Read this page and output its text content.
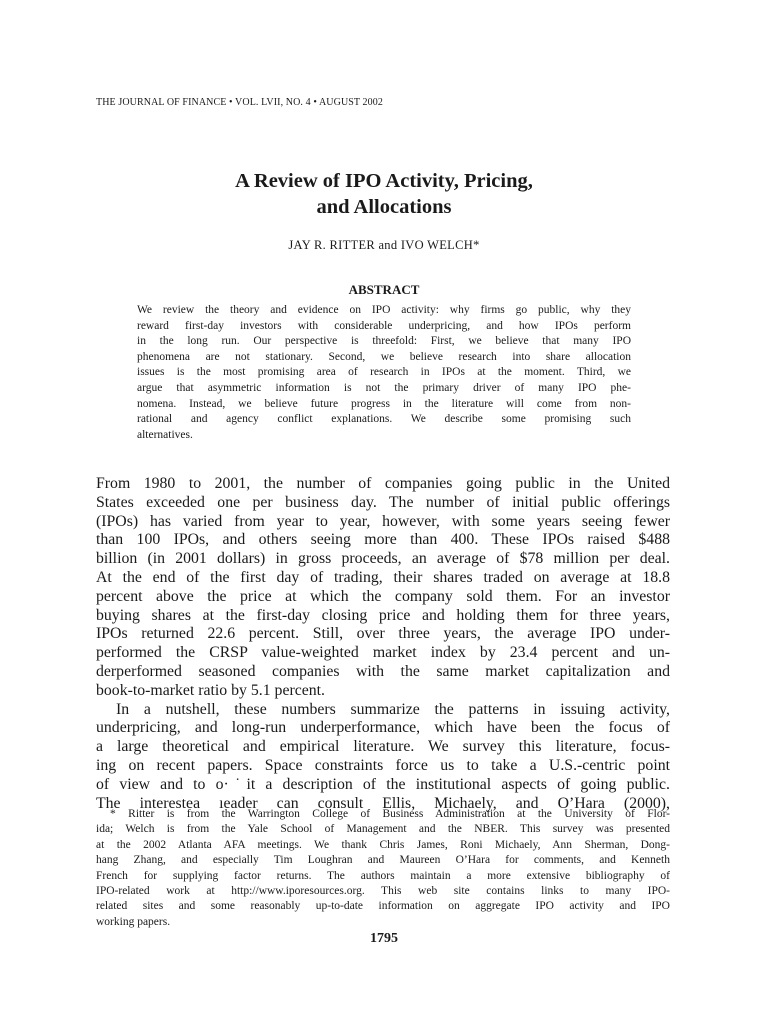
THE JOURNAL OF FINANCE • VOL. LVII, NO. 4 • AUGUST 2002
A Review of IPO Activity, Pricing,
and Allocations
JAY R. RITTER and IVO WELCH*
ABSTRACT
We review the theory and evidence on IPO activity: why firms go public, why they
reward first-day investors with considerable underpricing, and how IPOs perform
in the long run. Our perspective is threefold: First, we believe that many IPO
phenomena are not stationary. Second, we believe research into share allocation
issues is the most promising area of research in IPOs at the moment. Third, we
argue that asymmetric information is not the primary driver of many IPO phe-
nomena. Instead, we believe future progress in the literature will come from non-
rational and agency conflict explanations. We describe some promising such
alternatives.
From 1980 to 2001, the number of companies going public in the United
States exceeded one per business day. The number of initial public offerings
(IPOs) has varied from year to year, however, with some years seeing fewer
than 100 IPOs, and others seeing more than 400. These IPOs raised $488
billion (in 2001 dollars) in gross proceeds, an average of $78 million per deal.
At the end of the first day of trading, their shares traded on average at 18.8
percent above the price at which the company sold them. For an investor
buying shares at the first-day closing price and holding them for three years,
IPOs returned 22.6 percent. Still, over three years, the average IPO under-
performed the CRSP value-weighted market index by 23.4 percent and un-
derperformed seasoned companies with the same market capitalization and
book-to-market ratio by 5.1 percent.
In a nutshell, these numbers summarize the patterns in issuing activity,
underpricing, and long-run underperformance, which have been the focus of
a large theoretical and empirical literature. We survey this literature, focus-
ing on recent papers. Space constraints force us to take a U.S.-centric point
of view and to o·˙it a description of the institutional aspects of going public.
The interestea ıeader can consult Ellis, Michaely, and O’Hara (2000),
* Ritter is from the Warrington College of Business Administration at the University of Flor-
ida; Welch is from the Yale School of Management and the NBER. This survey was presented
at the 2002 Atlanta AFA meetings. We thank Chris James, Roni Michaely, Ann Sherman, Dong-
hang Zhang, and especially Tim Loughran and Maureen O’Hara for comments, and Kenneth
French for supplying factor returns. The authors maintain a more extensive bibliography of
IPO-related work at http://www.iporesources.org. This web site contains links to many IPO-
related sites and some reasonably up-to-date information on aggregate IPO activity and IPO
working papers.
1795
